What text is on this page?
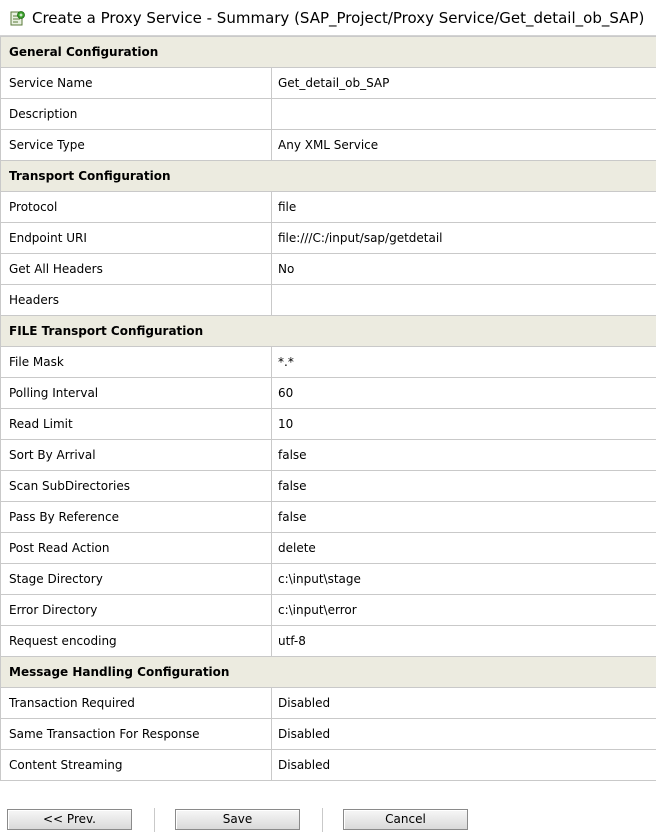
Create a Proxy Service - Summary (SAP_Project/Proxy Service/Get_detail_ob_SAP)
General Configuration	
Service Name	Get_detail_ob_SAP
Description	
Service Type	Any XML Service
Transport Configuration	
Protocol	file
Endpoint URI	file:///C:/input/sap/getdetail
Get All Headers	No
Headers	
FILE Transport Configuration	
File Mask	*.*
Polling Interval	60
Read Limit	10
Sort By Arrival	false
Scan SubDirectories	false
Pass By Reference	false
Post Read Action	delete
Stage Directory	c:\input\stage
Error Directory	c:\input\error
Request encoding	utf-8
Message Handling Configuration	
Transaction Required	Disabled
Same Transaction For Response	Disabled
Content Streaming	Disabled
<< Prev.	Save	Cancel
